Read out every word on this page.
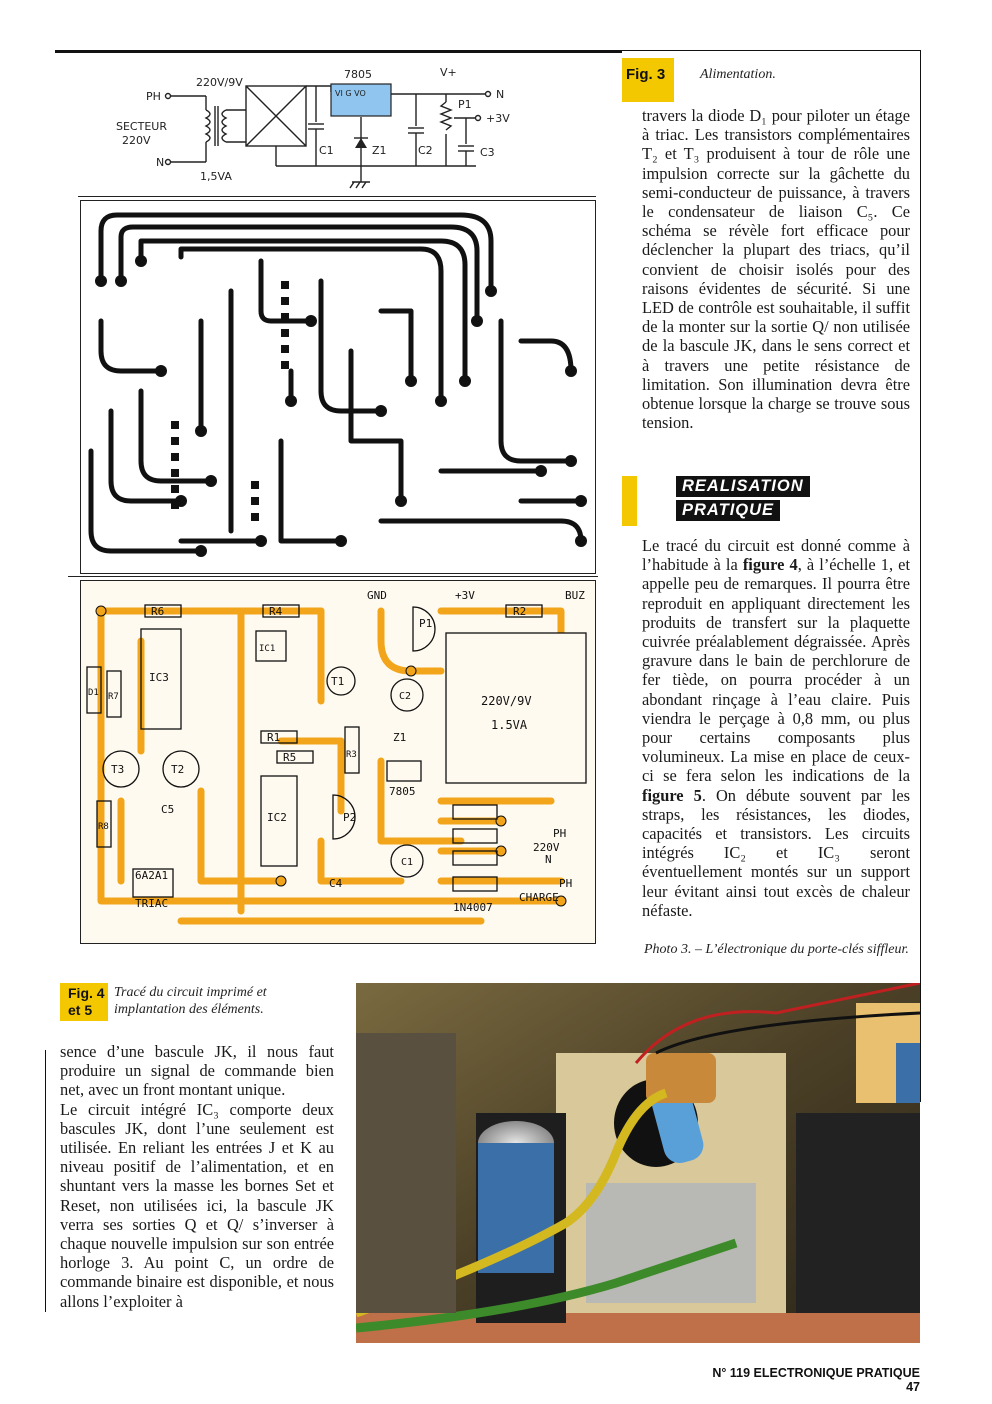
Fig. 3 Alimentation.
PH
SECTEUR
220V
N
220V/9V
1,5VA
7805
VI G VO
V+
N
P1
+3V
C1	C2	C3
Z1
R6	R4	R2
GND	+3V	BUZ
P1
IC1
IC3
D1 R7
T1
C2	220V/9V
1.5VA
R1
R5	R3
Z1
T3	T2
C5
R8
IC2
7805
P2
PH
220V
N
C1
C4
6A2A1
TRIAC	1N4007
CHARGE
PH
Fig. 4
et 5
Tracé du circuit imprimé et implantation des éléments.

travers la diode D₁ pour piloter un étage à triac. Les transistors complémentaires T₂ et T₃ produisent à tour de rôle une impulsion correcte sur la gâchette du semi-conducteur de puissance, à travers le condensateur de liaison C₅. Ce schéma se révèle fort efficace pour déclencher la plupart des triacs, qu’il convient de choisir isolés pour des raisons évidentes de sécurité. Si une LED de contrôle est souhaitable, il suffit de la monter sur la sortie Q/ non utilisée de la bascule JK, dans le sens correct et à travers une petite résistance de limitation. Son illumination devra être obtenue lorsque la charge se trouve sous tension.

REALISATION
PRATIQUE

Le tracé du circuit est donné comme à l’habitude à la figure 4, à l’échelle 1, et appelle peu de remarques. Il pourra être reproduit en appliquant directement les produits de transfert sur la plaquette cuivrée préalablement dégraissée. Après gravure dans le bain de perchlorure de fer tiède, on pourra procéder à un abondant rinçage à l’eau claire. Puis viendra le perçage à 0,8 mm, ou plus pour certains composants plus volumineux. La mise en place de ceux-ci se fera selon les indications de la figure 5. On débute souvent par les straps, les résistances, les diodes, capacités et transistors. Les circuits intégrés IC₂ et IC₃ seront éventuellement montés sur un support leur évitant ainsi tout excès de chaleur néfaste.

Photo 3. – L’électronique du porte-clés siffleur.

sence d’une bascule JK, il nous faut produire un signal de commande bien net, avec un front montant unique.

Le circuit intégré IC₃ comporte deux bascules JK, dont l’une seulement est utilisée. En reliant les entrées J et K au niveau positif de l’alimentation, et en shuntant vers la masse les bornes Set et Reset, non utilisées ici, la bascule JK verra ses sorties Q et Q/ s’inverser à chaque nouvelle impulsion sur son entrée horloge 3. Au point C, un ordre de commande binaire est disponible, et nous allons l’exploiter à

N° 119 ELECTRONIQUE PRATIQUE 47
